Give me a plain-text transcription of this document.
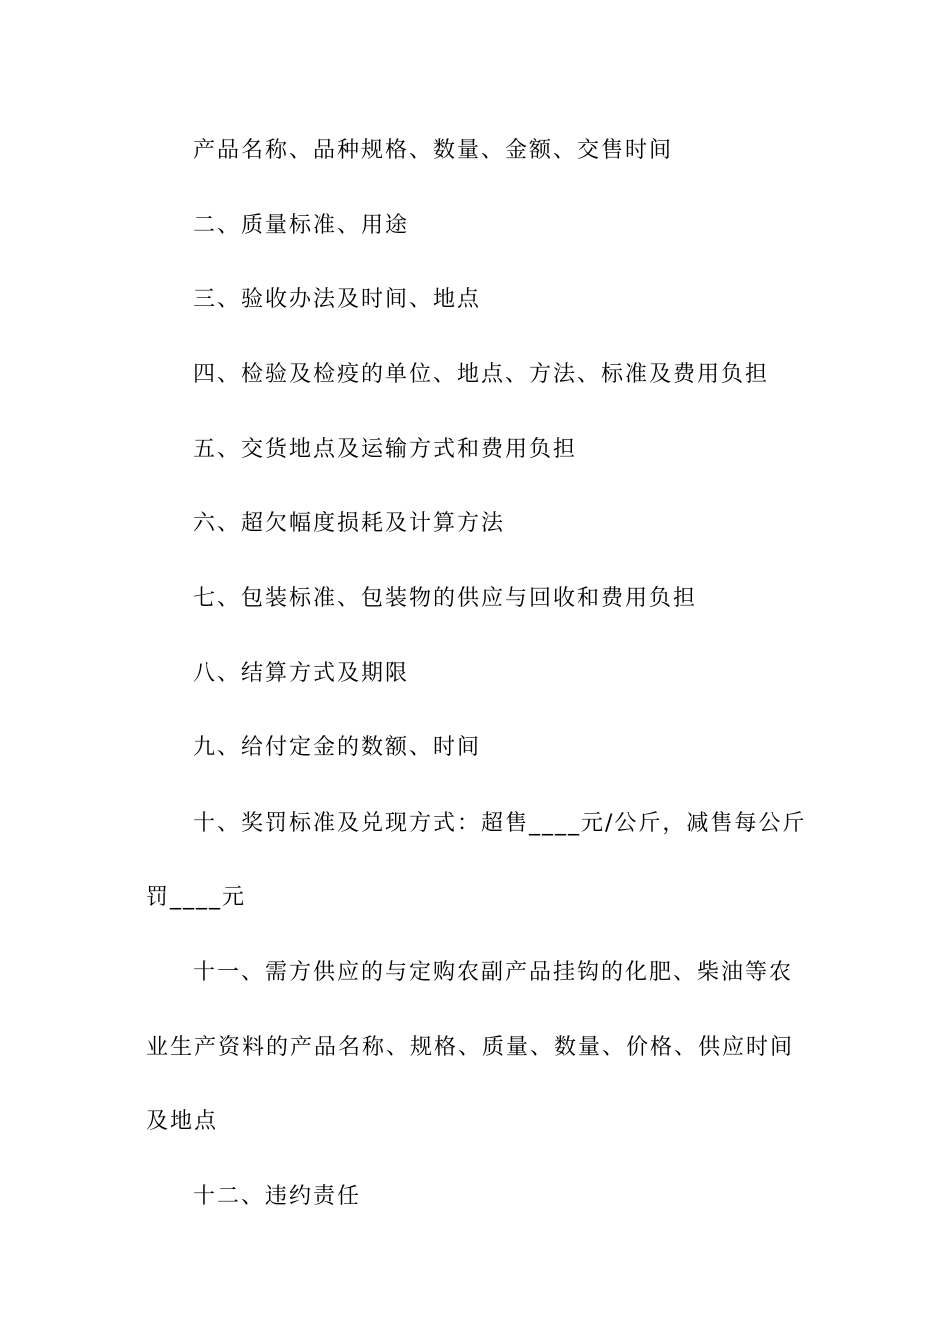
产品名称、品种规格、数量、金额、交售时间
二、质量标准、用途
三、验收办法及时间、地点
四、检验及检疫的单位、地点、方法、标准及费用负担
五、交货地点及运输方式和费用负担
六、超欠幅度损耗及计算方法
七、包装标准、包装物的供应与回收和费用负担
八、结算方式及期限
九、给付定金的数额、时间
十、奖罚标准及兑现方式：超售____元/公斤，减售每公斤
罚____元
十一、需方供应的与定购农副产品挂钩的化肥、柴油等农
业生产资料的产品名称、规格、质量、数量、价格、供应时间
及地点
十二、违约责任
